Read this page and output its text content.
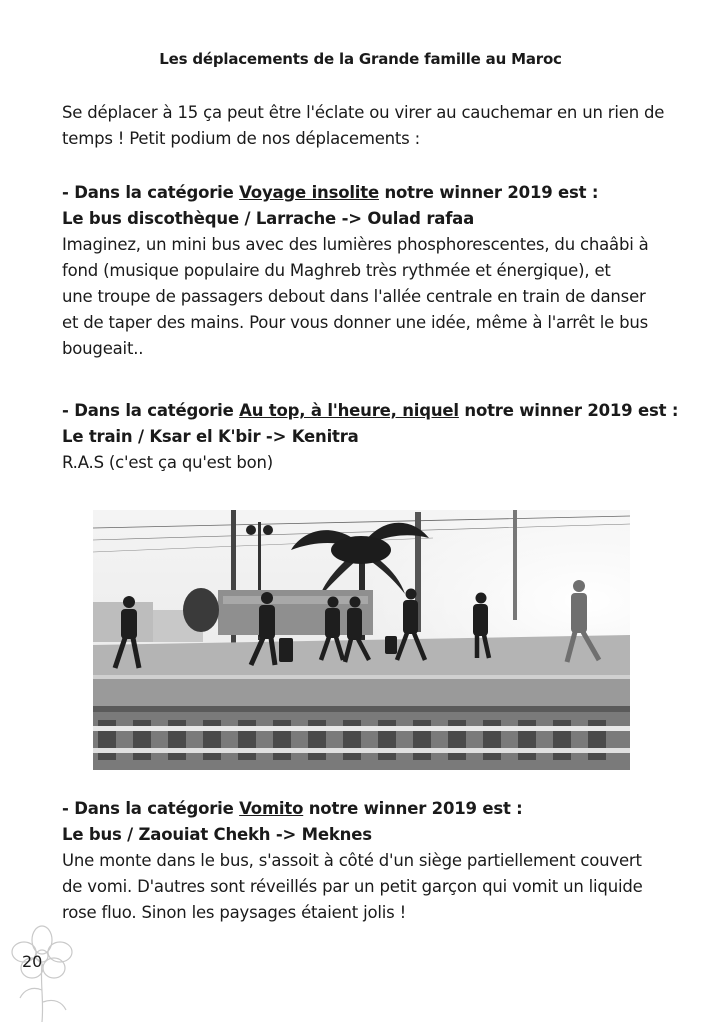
Les déplacements de la Grande famille au Maroc

Se déplacer à 15 ça peut être l'éclate ou virer au cauchemar en un rien de

temps ! Petit podium de nos déplacements :

- Dans la catégorie Voyage insolite notre winner 2019 est :

Le bus discothèque / Larrache -> Oulad rafaa

Imaginez, un mini bus avec des lumières phosphorescentes, du chaâbi à

fond (musique populaire du Maghreb très rythmée et énergique), et

une troupe de passagers debout dans l'allée centrale en train de danser

et de taper des mains. Pour vous donner une idée, même à l'arrêt le bus

bougeait..

- Dans la catégorie Au top, à l'heure, niquel notre winner 2019 est :

Le train / Ksar el K'bir -> Kenitra

R.A.S (c'est ça qu'est bon)

- Dans la catégorie Vomito notre winner 2019 est :

Le bus / Zaouiat Chekh -> Meknes

Une monte dans le bus, s'assoit à côté d'un siège partiellement couvert

de vomi. D'autres sont réveillés par un petit garçon qui vomit un liquide

rose fluo. Sinon les paysages étaient jolis !

20
